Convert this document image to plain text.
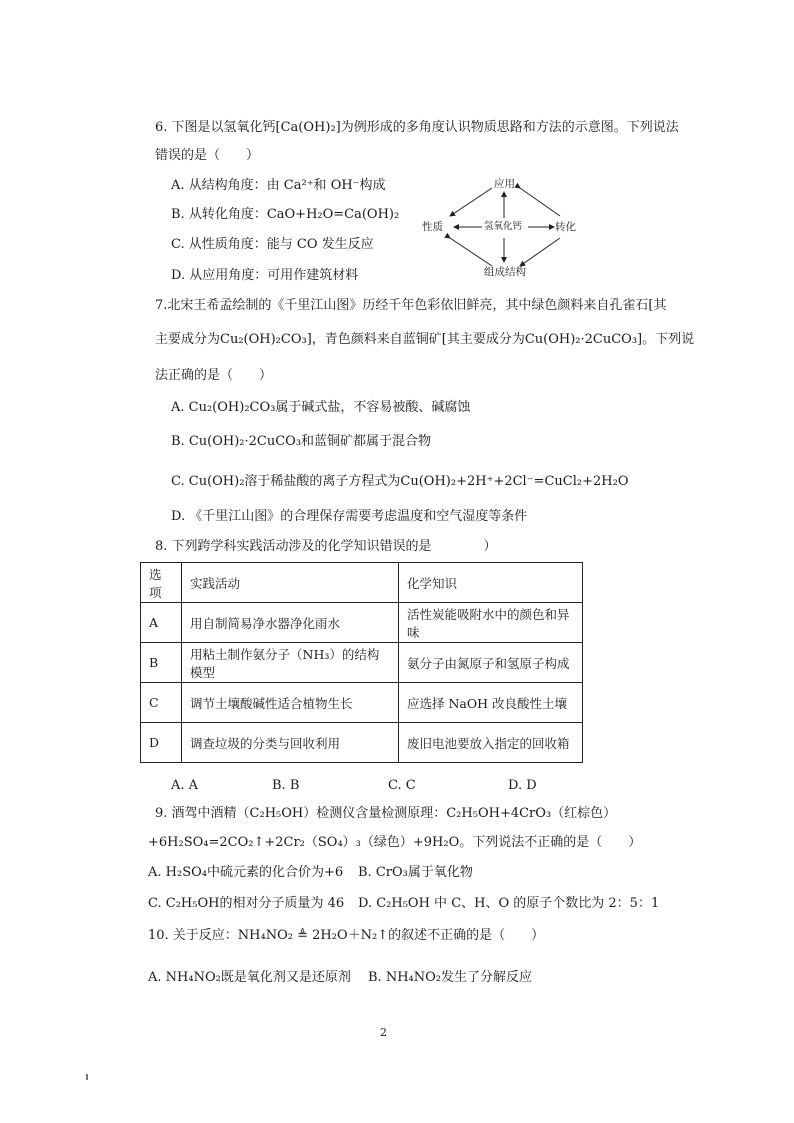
6. 下图是以氢氧化钙[Ca(OH)₂]为例形成的多角度认识物质思路和方法的示意图。下列说法
错误的是（　　）
A. 从结构角度：由 Ca²⁺和 OH⁻构成
B. 从转化角度：CaO+H₂O=Ca(OH)₂
C. 从性质角度：能与 CO 发生反应
D. 从应用角度：可用作建筑材料
应用
性质	氢氧化钙	转化
组成结构
7.北宋王希孟绘制的《千里江山图》历经千年色彩依旧鲜亮，其中绿色颜料来自孔雀石[其
主要成分为Cu₂(OH)₂CO₃]，青色颜料来自蓝铜矿[其主要成分为Cu(OH)₂·2CuCO₃]。下列说
法正确的是（　　）
A. Cu₂(OH)₂CO₃属于碱式盐，不容易被酸、碱腐蚀
B. Cu(OH)₂·2CuCO₃和蓝铜矿都属于混合物
C. Cu(OH)₂溶于稀盐酸的离子方程式为Cu(OH)₂+2H⁺+2Cl⁻=CuCl₂+2H₂O
D. 《千里江山图》的合理保存需要考虑温度和空气湿度等条件
8. 下列跨学科实践活动涉及的化学知识错误的是　　　　）
选项	实践活动	化学知识
A	用自制简易净水器净化雨水	活性炭能吸附水中的颜色和异味
B	用粘土制作氨分子（NH₃）的结构模型	氨分子由氮原子和氢原子构成
C	调节土壤酸碱性适合植物生长	应选择 NaOH 改良酸性土壤
D	调查垃圾的分类与回收利用	废旧电池要放入指定的回收箱
A. A	B. B	C. C	D. D
9. 酒驾中酒精（C₂H₅OH）检测仪含量检测原理：C₂H₅OH+4CrO₃（红棕色）
+6H₂SO₄=2CO₂↑+2Cr₂（SO₄）₃（绿色）+9H₂O。下列说法不正确的是（　　）
A. H₂SO₄中硫元素的化合价为+6 B. CrO₃属于氧化物
C. C₂H₅OH的相对分子质量为 46 D. C₂H₅OH 中 C、H、O 的原子个数比为 2：5：1
10. 关于反应：NH₄NO₂ ≜ 2H₂O＋N₂↑的叙述不正确的是（　　）
A. NH₄NO₂既是氧化剂又是还原剂 B. NH₄NO₂发生了分解反应
2
